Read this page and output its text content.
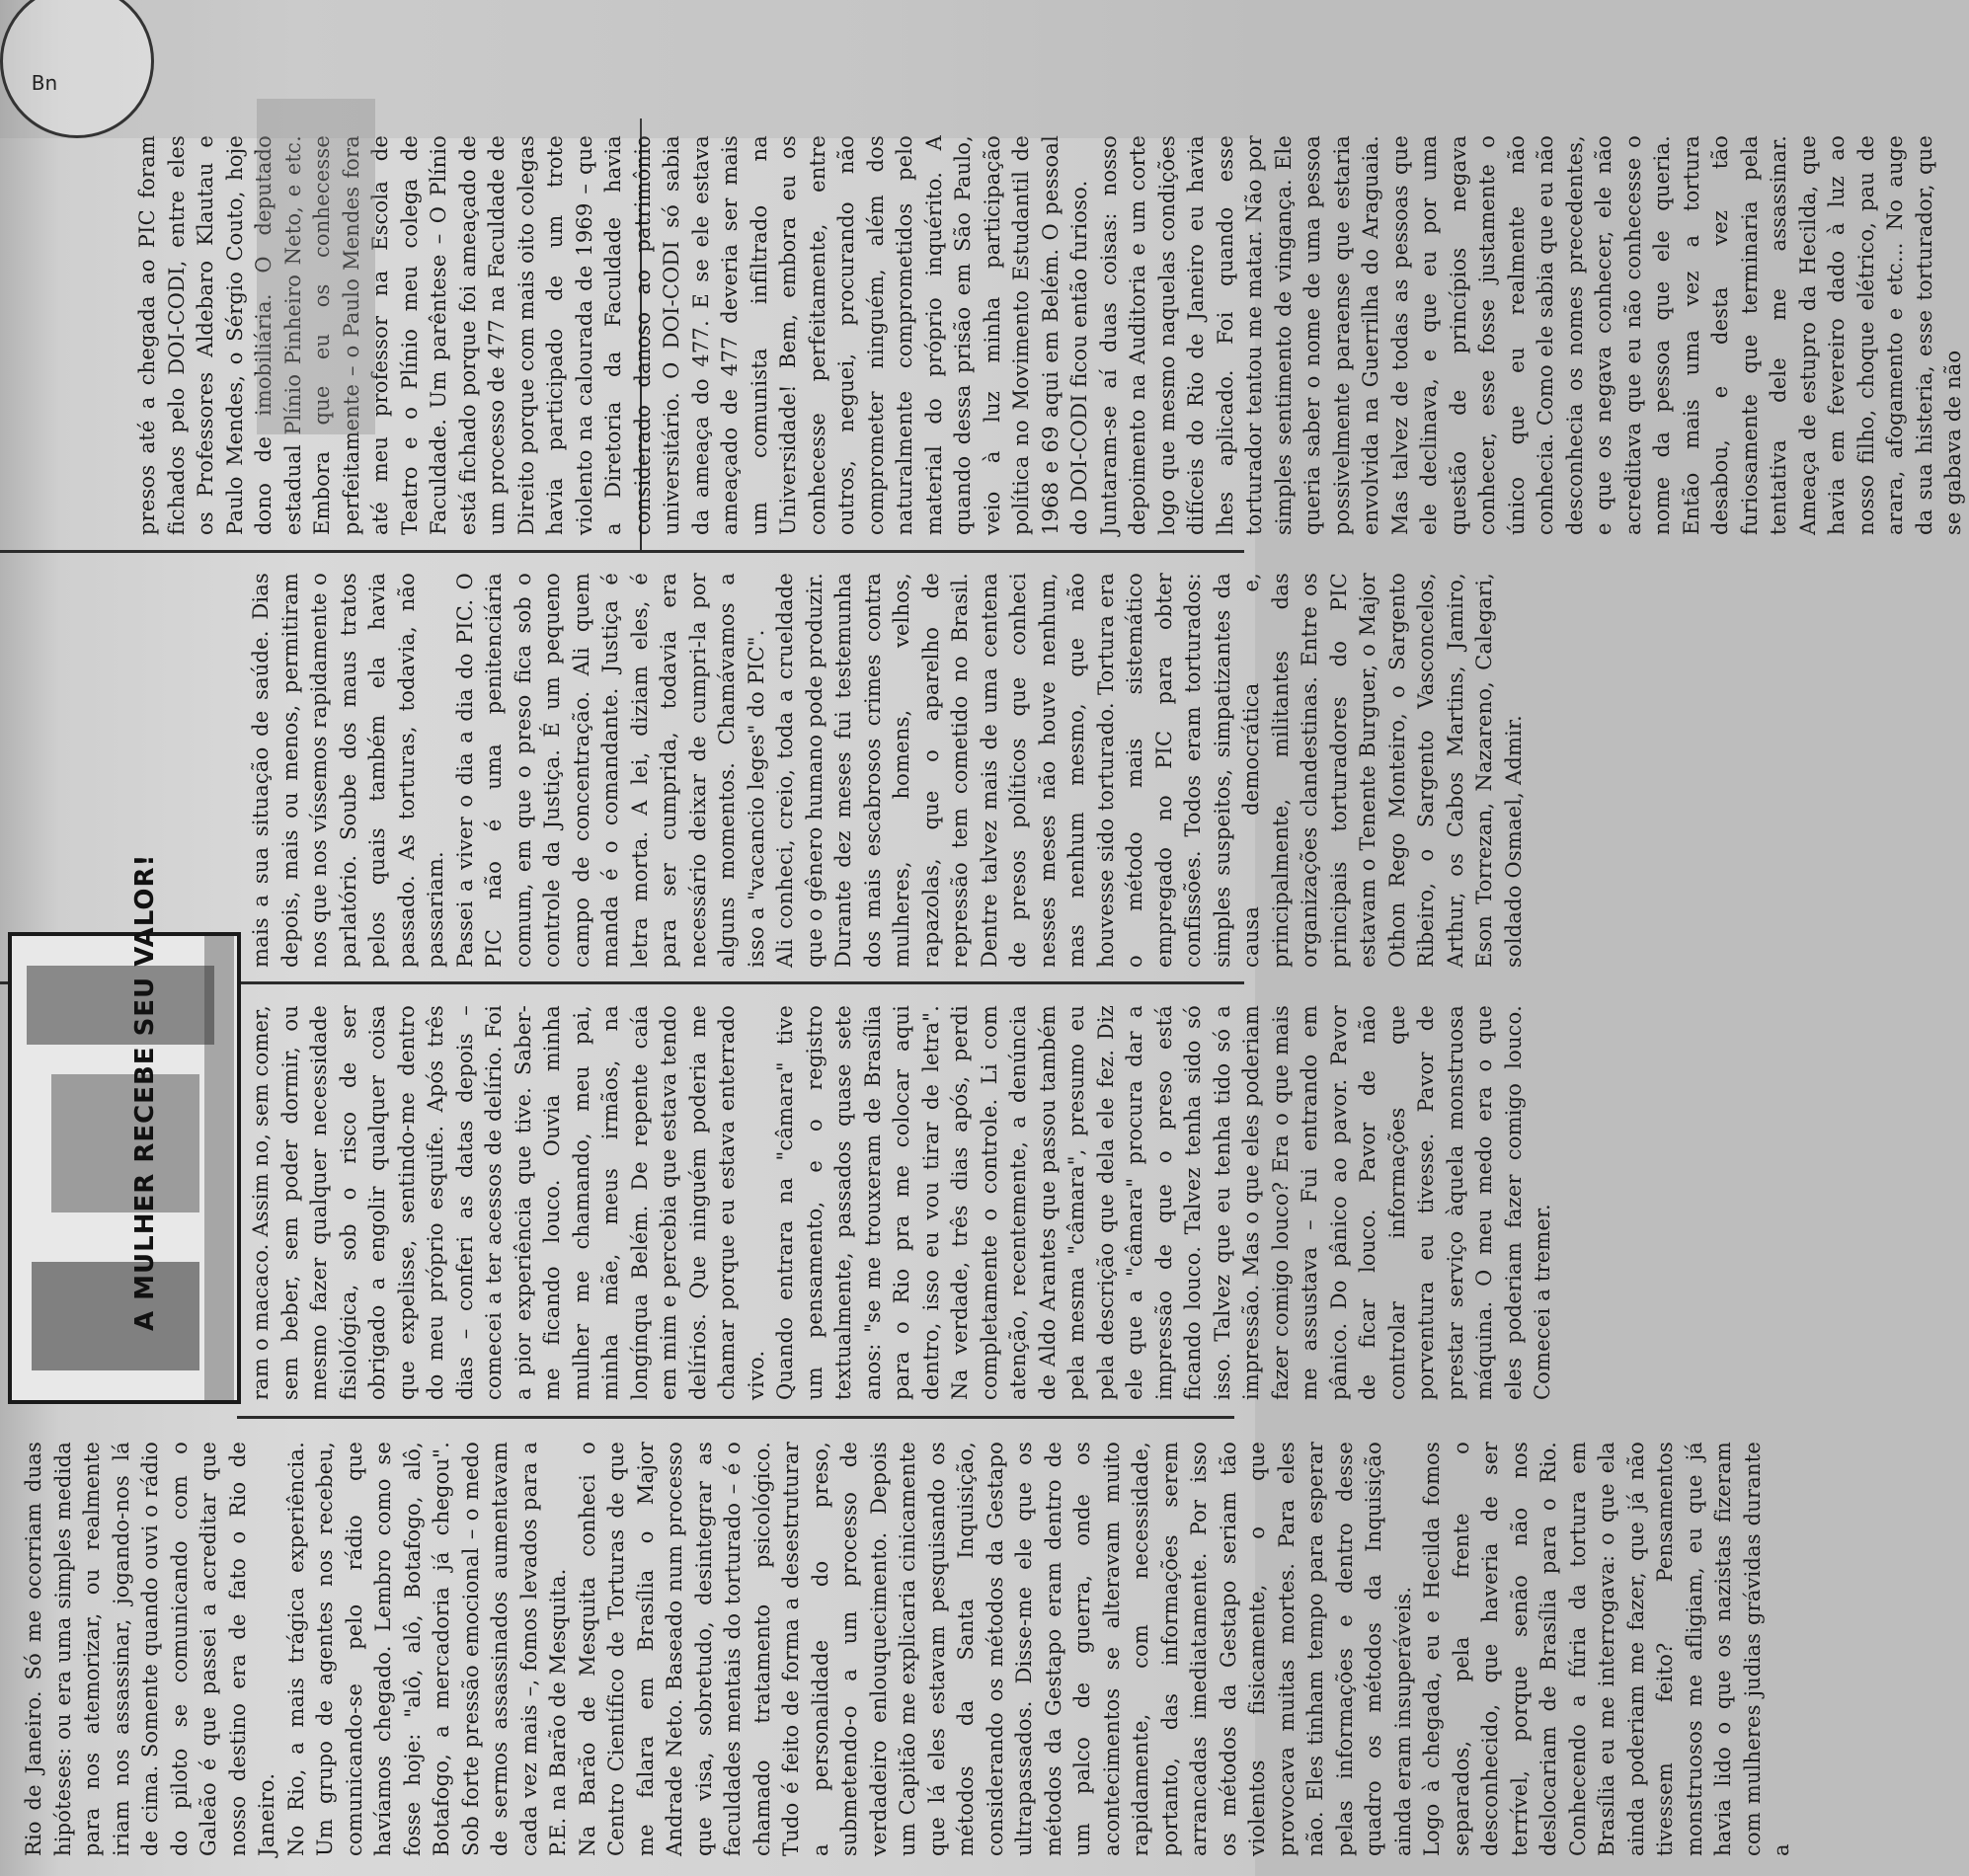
Rio de Janeiro. Só me ocorriam duas hipóteses: ou era uma simples medida para nos atemorizar, ou realmente iriam nos assassinar, jogando-nos lá de cima. Somente quando ouvi o rádio do piloto se comunicando com o Galeão é que passei a acreditar que nosso destino era de fato o Rio de Janeiro.
No Rio, a mais trágica experiência. Um grupo de agentes nos recebeu, comunicando-se pelo rádio que havíamos chegado. Lembro como se fosse hoje: "alô, alô, Botafogo, alô, Botafogo, a mercadoria já chegou". Sob forte pressão emocional – o medo de sermos assassinados aumentavam cada vez mais –, fomos levados para a P.E. na Barão de Mesquita.
Na Barão de Mesquita conheci o Centro Científico de Torturas de que me falara em Brasília o Major Andrade Neto. Baseado num processo que visa, sobretudo, desintegrar as faculdades mentais do torturado – é o chamado tratamento psicológico. Tudo é feito de forma a desestruturar a personalidade do preso, submetendo-o a um processo de verdadeiro enlouquecimento. Depois um Capitão me explicaria cinicamente que lá eles estavam pesquisando os métodos da Santa Inquisição, considerando os métodos da Gestapo ultrapassados. Disse-me ele que os métodos da Gestapo eram dentro de um palco de guerra, onde os acontecimentos se alteravam muito rapidamente, com necessidade, portanto, das informações serem arrancadas imediatamente. Por isso os métodos da Gestapo seriam tão violentos fisicamente, o que provocava muitas mortes. Para eles não. Eles tinham tempo para esperar pelas informações e dentro desse quadro os métodos da Inquisição ainda eram insuperáveis.
Logo à chegada, eu e Hecilda fomos separados, pela frente o desconhecido, que haveria de ser terrível, porque senão não nos deslocariam de Brasília para o Rio. Conhecendo a fúria da tortura em Brasília eu me interrogava: o que ela ainda poderiam me fazer, que já não tivessem feito? Pensamentos monstruosos me afligiam, eu que já havia lido o que os nazistas fizeram com mulheres judias grávidas durante a

ram o macaco. Assim no, sem comer, sem beber, sem poder dormir, ou mesmo fazer qualquer necessidade fisiológica, sob o risco de ser obrigado a engolir qualquer coisa que expelisse, sentindo-me dentro do meu próprio esquife. Após três dias – conferi as datas depois – comecei a ter acessos de delírio. Foi a pior experiência que tive. Saber-me ficando louco. Ouvia minha mulher me chamando, meu pai, minha mãe, meus irmãos, na longínqua Belém. De repente caía em mim e percebia que estava tendo delírios. Que ninguém poderia me chamar porque eu estava enterrado vivo.
Quando entrara na "câmara" tive um pensamento, e o registro textualmente, passados quase sete anos: "se me trouxeram de Brasília para o Rio pra me colocar aqui dentro, isso eu vou tirar de letra". Na verdade, três dias após, perdi completamente o controle. Li com atenção, recentemente, a denúncia de Aldo Arantes que passou também pela mesma "câmara", presumo eu pela descrição que dela ele fez. Diz ele que a "câmara" procura dar a impressão de que o preso está ficando louco. Talvez tenha sido só isso. Talvez que eu tenha tido só a impressão. Mas o que eles poderiam fazer comigo louco? Era o que mais me assustava – Fui entrando em pânico. Do pânico ao pavor. Pavor de ficar louco. Pavor de não controlar informações que porventura eu tivesse. Pavor de prestar serviço àquela monstruosa máquina. O meu medo era o que eles poderiam fazer comigo louco. Comecei a tremer.

mais a sua situação de saúde. Dias depois, mais ou menos, permitiram nos que nos víssemos rapidamente o parlatório. Soube dos maus tratos pelos quais também ela havia passado. As torturas, todavia, não passariam.
Passei a viver o dia a dia do PIC. O PIC não é uma penitenciária comum, em que o preso fica sob o controle da Justiça. É um pequeno campo de concentração. Ali quem manda é o comandante. Justiça é letra morta. A lei, diziam eles, é para ser cumprida, todavia era necessário deixar de cumpri-la por alguns momentos. Chamávamos a isso a "vacancio leges" do PIC".
Ali conheci, creio, toda a crueldade que o gênero humano pode produzir. Durante dez meses fui testemunha dos mais escabrosos crimes contra mulheres, homens, velhos, rapazolas, que o aparelho de repressão tem cometido no Brasil. Dentre talvez mais de uma centena de presos políticos que conheci nesses meses não houve nenhum, mas nenhum mesmo, que não houvesse sido torturado. Tortura era o método mais sistemático empregado no PIC para obter confissões. Todos eram torturados: simples suspeitos, simpatizantes da causa democrática e, principalmente, militantes das organizações clandestinas. Entre os principais torturadores do PIC estavam o Tenente Burguer, o Major Othon Rego Monteiro, o Sargento Ribeiro, o Sargento Vasconcelos, Arthur, os Cabos Martins, Jamiro, Eson Torrezan, Nazareno, Calegari, soldado Osmael, Admir.

presos até a chegada ao PIC foram fichados pelo DOI-CODI, entre eles os Professores Aldebaro Klautau e Paulo Mendes, o Sérgio Couto, hoje dono de imobiliária. O deputado estadual Plínio Pinheiro Neto, e etc. Embora que eu os conhecesse perfeitamente – o Paulo Mendes fora até meu professor na Escola de Teatro e o Plínio meu colega de Faculdade. Um parêntese – O Plínio está fichado porque foi ameaçado de um processo de 477 na Faculdade de Direito porque com mais oito colegas havia participado de um trote violento na calourada de 1969 – que a Diretoria da Faculdade havia considerado danoso ao patrimônio universitário. O DOI-CODI só sabia da ameaça do 477. E se ele estava ameaçado de 477 deveria ser mais um comunista infiltrado na Universidade! Bem, embora eu os conhecesse perfeitamente, entre outros, neguei, procurando não comprometer ninguém, além dos naturalmente comprometidos pelo material do próprio inquérito. A quando dessa prisão em São Paulo, veio à luz minha participação política no Movimento Estudantil de 1968 e 69 aqui em Belém. O pessoal do DOI-CODI ficou então furioso.
Juntaram-se aí duas coisas: nosso depoimento na Auditoria e um corte logo que mesmo naquelas condições difíceis do Rio de Janeiro eu havia lhes aplicado. Foi quando esse torturador tentou me matar. Não por simples sentimento de vingança. Ele queria saber o nome de uma pessoa possivelmente paraense que estaria envolvida na Guerrilha do Araguaia. Mas talvez de todas as pessoas que ele declinava, e que eu por uma questão de princípios negava conhecer, esse fosse justamente o único que eu realmente não conhecia. Como ele sabia que eu não desconhecia os nomes precedentes, e que os negava conhecer, ele não acreditava que eu não conhecesse o nome da pessoa que ele queria. Então mais uma vez a tortura desabou, e desta vez tão furiosamente que terminaria pela tentativa dele me assassinar. Ameaça de estupro da Hecilda, que havia em fevereiro dado à luz ao nosso filho, choque elétrico, pau de arara, afogamento e etc... No auge da sua histeria, esse torturador, que se gabava de não

A MULHER RECEBE SEU VALOR!
Bn
